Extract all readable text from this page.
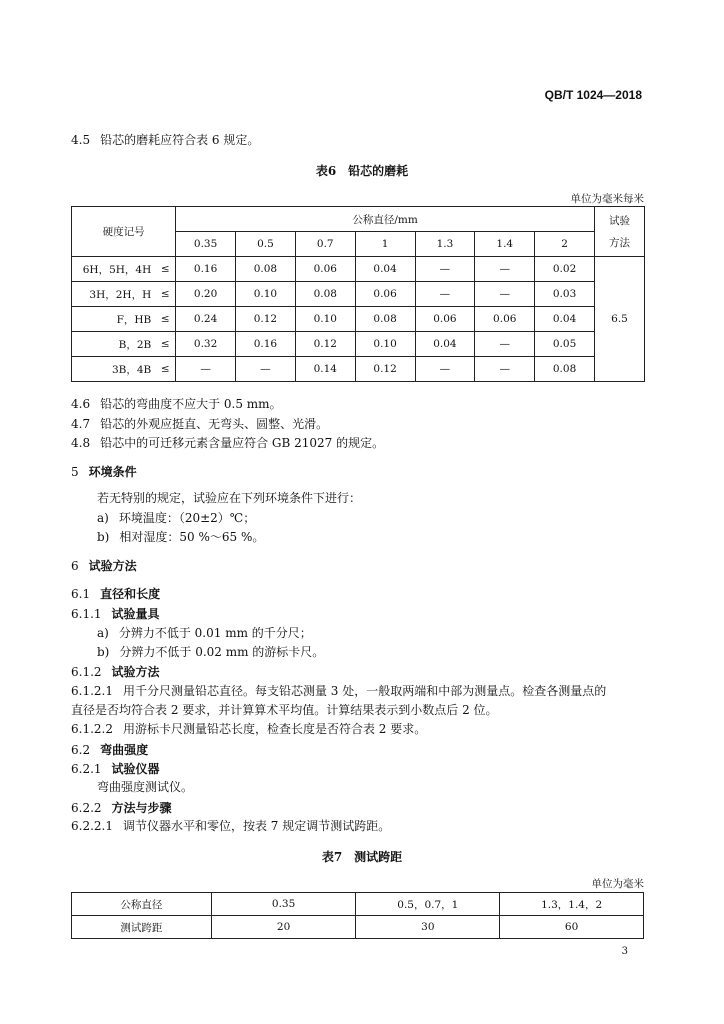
QB/T 1024—2018
4.5 铅芯的磨耗应符合表 6 规定。
表6　铅芯的磨耗
单位为毫米每米
硬度记号		公称直径/mm							试验方法
		0.35	0.5	0.7	1	1.3	1.4	2	
6H，5H，4H	≤	0.16	0.08	0.06	0.04	—	—	0.02	6.5
3H，2H，H	≤	0.20	0.10	0.08	0.06	—	—	0.03	
F，HB	≤	0.24	0.12	0.10	0.08	0.06	0.06	0.04	
B，2B	≤	0.32	0.16	0.12	0.10	0.04	—	0.05	
3B，4B	≤	—	—	0.14	0.12	—	—	0.08	
4.6 铅芯的弯曲度不应大于 0.5 mm。
4.7 铅芯的外观应挺直、无弯头、圆整、光滑。
4.8 铅芯中的可迁移元素含量应符合 GB 21027 的规定。
5 环境条件
若无特别的规定，试验应在下列环境条件下进行：
a) 环境温度：（20±2）℃；
b) 相对湿度：50 %～65 %。
6 试验方法
6.1 直径和长度
6.1.1 试验量具
a) 分辨力不低于 0.01 mm 的千分尺；
b) 分辨力不低于 0.02 mm 的游标卡尺。
6.1.2 试验方法
6.1.2.1 用千分尺测量铅芯直径。每支铅芯测量 3 处，一般取两端和中部为测量点。检查各测量点的
直径是否均符合表 2 要求，并计算算术平均值。计算结果表示到小数点后 2 位。
6.1.2.2 用游标卡尺测量铅芯长度，检查长度是否符合表 2 要求。
6.2 弯曲强度
6.2.1 试验仪器
弯曲强度测试仪。
6.2.2 方法与步骤
6.2.2.1 调节仪器水平和零位，按表 7 规定调节测试跨距。
表7　测试跨距
单位为毫米
公称直径	0.35	0.5，0.7，1	1.3，1.4，2
测试跨距	20	30	60
3
